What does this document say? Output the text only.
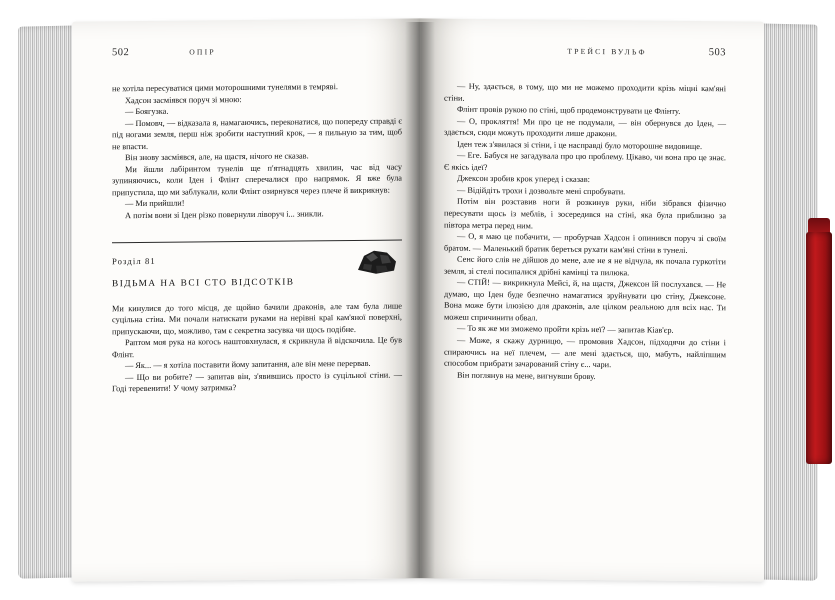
502	ОПІР

не хотіла пересуватися цими моторошними тунелями в темряві.

Хадсон засміявся поруч зі мною:

— Боягузка.

— Помовч, — відказала я, намагаючись, переконатися, що попереду справді є під ногами земля, перш ніж зробити наступний крок, — я пильную за тим, щоб не впасти.

Він знову засміявся, але, на щастя, нічого не сказав.

Ми йшли лабіринтом тунелів ще п'ятнадцять хвилин, час від часу зупиняючись, коли Іден і Флінт сперечалися про напрямок. Я вже була припустила, що ми заблукали, коли Флінт озирнувся через плече й викрикнув:

— Ми прийшли!

А потім вони зі Іден різко повернули ліворуч і... зникли.

Розділ 81
ВІДЬМА НА ВСІ СТО ВІДСОТКІВ

Ми кинулися до того місця, де щойно бачили драконів, але там була лише суцільна стіна. Ми почали натискати руками на нерівні краї кам'яної поверхні, припускаючи, що, можливо, там є секретна засувка чи щось подібне.

Раптом моя рука на когось наштовхнулася, я скрикнула й відскочила. Це був Флінт.

— Як... — я хотіла поставити йому запитання, але він мене перервав.

— Що ви робите? — запитав він, з'явившись просто із суцільної стіни. — Годі теревенити! У чому затримка?

ТРЕЙСІ ВУЛЬФ	503

— Ну, здається, в тому, що ми не можемо проходити крізь міцні кам'яні стіни.

Флінт провів рукою по стіні, щоб продемонструвати це Флінту.

— О, прокляття! Ми про це не подумали, — він обернувся до Іден, — здається, сюди можуть проходити лише дракони.

Іден теж з'явилася зі стіни, і це насправді було моторошне видовище.

— Еге. Бабуся не загадувала про цю проблему. Цікаво, чи вона про це знає. Є якісь ідеї?

Джексон зробив крок уперед і сказав:

— Відійдіть трохи і дозвольте мені спробувати.

Потім він розставив ноги й розкинув руки, ніби зібрався фізично пересувати щось із меблів, і зосередився на стіні, яка була приблизно за півтора метра перед ним.

— О, я маю це побачити, — пробурчав Хадсон і опинився поруч зі своїм братом. — Маленький братик береться рухати кам'яні стіни в тунелі.

Сенс його слів не дійшов до мене, але не я не відчула, як почала гуркотіти земля, зі стелі посипалися дрібні камінці та пилюка.

— СТІЙ! — викрикнула Мейсі, й, на щастя, Джексон їй послухався. — Не думаю, що Іден буде безпечно намагатися зруйнувати цю стіну, Джексоне. Вона може бути ілюзією для драконів, але цілком реальною для всіх нас. Ти можеш спричинити обвал.

— То як же ми зможемо пройти крізь неї? — запитав Кіав'єр.

— Може, я скажу дурницю, — промовив Хадсон, підходячи до стіни і спираючись на неї плечем, — але мені здається, що, мабуть, найліпшим способом прибрати зачарований стіну є... чари.

Він поглянув на мене, вигнувши брову.
